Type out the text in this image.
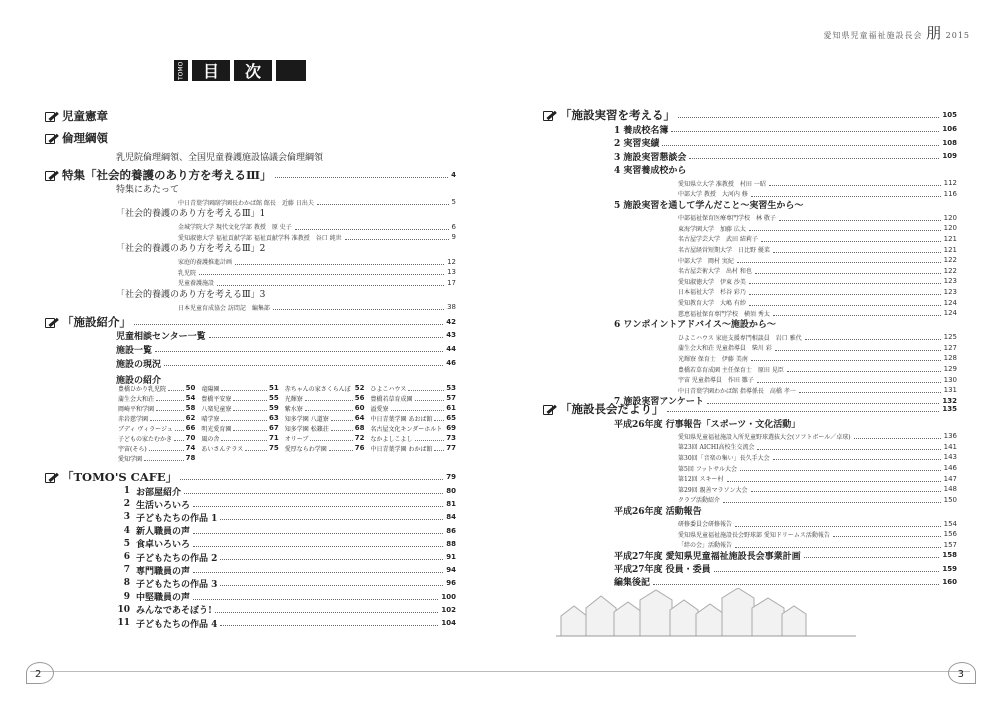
TOMO	目	次
児童憲章
倫理綱領
乳児院倫理綱領、全国児童養護施設協議会倫理綱領
特集「社会的養護のあり方を考えるⅢ」	4
特集にあたって
中日青葉学園副学園長わかば館 館長　近藤 日出夫	5
「社会的養護のあり方を考えるⅢ」1
金城学院大学 現代文化学部 教授　原 史子	6
愛知淑徳大学 福祉貢献学部 福祉貢献学科 准教授　谷口 純世	9
「社会的養護のあり方を考えるⅢ」2
家庭的養護推進計画	12
乳児院	13
児童養護施設	17
「社会的養護のあり方を考えるⅢ」3
日本児童育成協会 訪問記　編集部	38
「施設紹介」	42
児童相談センター一覧	43
施設一覧	44
施設の現況	46
施設の紹介
豊橋ひかり乳児院	50 竜陽園	51 赤ちゃんの家さくらんぼ 52 ひよこハウス	53
蒲生会大和荘	54 豊橋平安寮	55 光輝寮	56 豊橋若草育成園	57
岡崎平和学園	58 八楽児童寮	59 紫水寮	60 溢愛寮	61
赤岩慈学園	62 晴学寮	63 知多学園 八道寮	64 中日青葉学園 あおば館 65
ブディ ヴィラージュ 66 明光愛育園	67 知多学園 松籟荘	68 名古屋文化キンダーホルト 69
子どもの家たむかき 70 風の舎	71 オリーブ	72 なかよしこよし	73
宇宙(そら)	74 あいさんテラス	75 愛厚ならわ学園	76 中日青葉学園 わかば館 77
愛知学園	78
「TOMO'S CAFE」	79
1 お部屋紹介	80
2 生活いろいろ	81
3 子どもたちの作品 1	84
4 新人職員の声	86
5 食卓いろいろ	88
6 子どもたちの作品 2	91
7 専門職員の声	94
8 子どもたちの作品 3	96
9 中堅職員の声	100
10 みんなであそぼう!	102
11 子どもたちの作品 4	104
2
愛知県児童福祉施設長会 朋 2015
「施設実習を考える」	105
1 養成校名簿	106
2 実習実績	108
3 施設実習懇談会	109
4 実習養成校から
愛知県立大学 准教授　村田 一昭	112
中部大学 教授　大河内 修	116
5 施設実習を通して学んだこと～実習生から～
中部福祉保育医療専門学校　林 敬子	120
東海学園大学　加藤 広太	120
名古屋学芸大学　武田 結莉子	121
名古屋経営短期大学　日比野 優菜	121
中部大学　岡村 実紀	122
名古屋芸術大学　出村 和也	122
愛知淑徳大学　伊東 沙美	123
日本福祉大学　杉谷 彩乃	123
愛知教育大学　大嶋 有紗	124
慈恵福祉保育専門学校　横須 秀太	124
6 ワンポイントアドバイス～施設から～
ひよこハウス 家庭支援専門相談員　岩口 雅代	125
蒲生会大和荘 児童指導員　柴川 彩	127
光輝寮 保育士　伊藤 美南	128
豊橋若草育成園 主任保育士　原田 晃臣	129
宇宙 児童指導員　作田 雛子	130
中日青葉学園わかば館 指導係長　高橋 孝一	131
7 施設実習アンケート	132
「施設長会だより」	135
平成26年度 行事報告「スポーツ・文化活動」
愛知県児童福祉施設入所児童野球選抜大会(ソフトボール／卓球)	136
第23回 AICHI高校生交流会	141
第30回「音楽の集い」長久手大会	143
第5回 フットサル大会	146
第12回 スキー村	147
第29回 親善マラソン大会	148
クラブ活動紹介	150
平成26年度 活動報告
研修委員会研修報告	154
愛知県児童福祉施設長会野球部 愛知ドリームス活動報告	156
「絆の会」活動報告	157
平成27年度 愛知県児童福祉施設長会事業計画	158
平成27年度 役員・委員	159
編集後記	160
3
